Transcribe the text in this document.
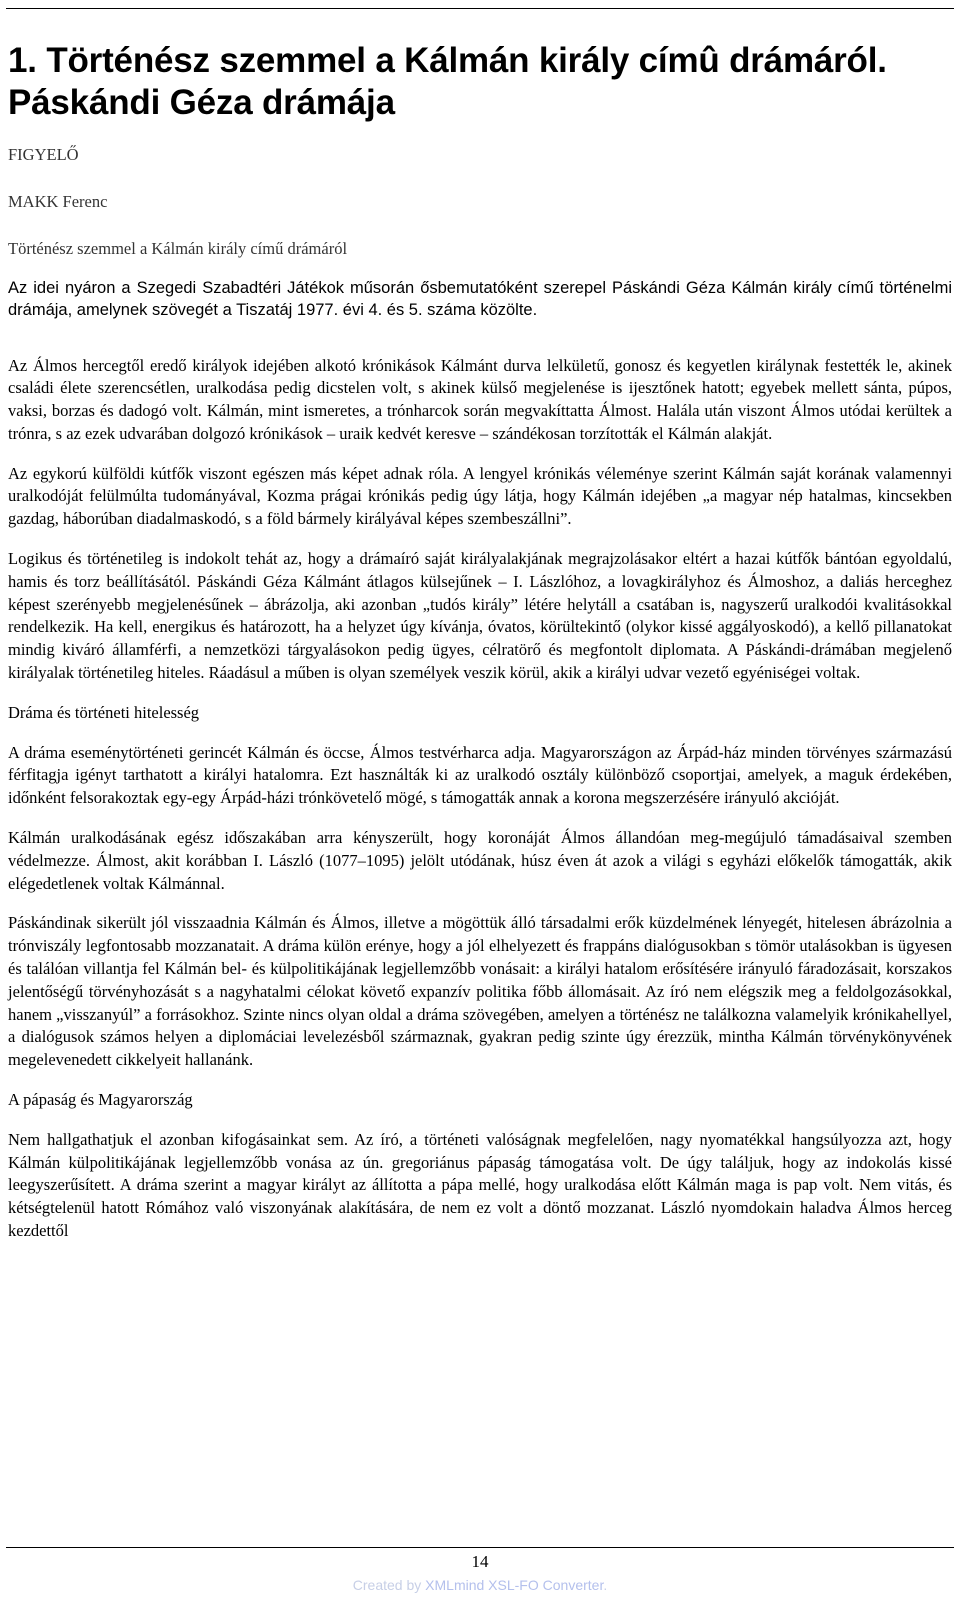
1. Történész szemmel a Kálmán király címû drámáról. Páskándi Géza drámája

FIGYELŐ

MAKK Ferenc

Történész szemmel a Kálmán király című drámáról

Az idei nyáron a Szegedi Szabadtéri Játékok műsorán ősbemutatóként szerepel Páskándi Géza Kálmán király című történelmi drámája, amelynek szövegét a Tiszatáj 1977. évi 4. és 5. száma közölte.

Az Álmos hercegtől eredő királyok idejében alkotó krónikások Kálmánt durva lelkületű, gonosz és kegyetlen királynak festették le, akinek családi élete szerencsétlen, uralkodása pedig dicstelen volt, s akinek külső megjelenése is ijesztőnek hatott; egyebek mellett sánta, púpos, vaksi, borzas és dadogó volt. Kálmán, mint ismeretes, a trónharcok során megvakíttatta Álmost. Halála után viszont Álmos utódai kerültek a trónra, s az ezek udvarában dolgozó krónikások – uraik kedvét keresve – szándékosan torzították el Kálmán alakját.

Az egykorú külföldi kútfők viszont egészen más képet adnak róla. A lengyel krónikás véleménye szerint Kálmán saját korának valamennyi uralkodóját felülmúlta tudományával, Kozma prágai krónikás pedig úgy látja, hogy Kálmán idejében „a magyar nép hatalmas, kincsekben gazdag, háborúban diadalmaskodó, s a föld bármely királyával képes szembeszállni”.

Logikus és történetileg is indokolt tehát az, hogy a drámaíró saját királyalakjának megrajzolásakor eltért a hazai kútfők bántóan egyoldalú, hamis és torz beállításától. Páskándi Géza Kálmánt átlagos külsejűnek – I. Lászlóhoz, a lovagkirályhoz és Álmoshoz, a daliás herceghez képest szerényebb megjelenésűnek – ábrázolja, aki azonban „tudós király” létére helytáll a csatában is, nagyszerű uralkodói kvalitásokkal rendelkezik. Ha kell, energikus és határozott, ha a helyzet úgy kívánja, óvatos, körültekintő (olykor kissé aggályoskodó), a kellő pillanatokat mindig kiváró államférfi, a nemzetközi tárgyalásokon pedig ügyes, célratörő és megfontolt diplomata. A Páskándi-drámában megjelenő királyalak történetileg hiteles. Ráadásul a műben is olyan személyek veszik körül, akik a királyi udvar vezető egyéniségei voltak.

Dráma és történeti hitelesség

A dráma eseménytörténeti gerincét Kálmán és öccse, Álmos testvérharca adja. Magyarországon az Árpád-ház minden törvényes származású férfitagja igényt tarthatott a királyi hatalomra. Ezt használták ki az uralkodó osztály különböző csoportjai, amelyek, a maguk érdekében, időnként felsorakoztak egy-egy Árpád-házi trónkövetelő mögé, s támogatták annak a korona megszerzésére irányuló akcióját.

Kálmán uralkodásának egész időszakában arra kényszerült, hogy koronáját Álmos állandóan meg-megújuló támadásaival szemben védelmezze. Álmost, akit korábban I. László (1077–1095) jelölt utódának, húsz éven át azok a világi s egyházi előkelők támogatták, akik elégedetlenek voltak Kálmánnal.

Páskándinak sikerült jól visszaadnia Kálmán és Álmos, illetve a mögöttük álló társadalmi erők küzdelmének lényegét, hitelesen ábrázolnia a trónviszály legfontosabb mozzanatait. A dráma külön erénye, hogy a jól elhelyezett és frappáns dialógusokban s tömör utalásokban is ügyesen és találóan villantja fel Kálmán bel- és külpolitikájának legjellemzőbb vonásait: a királyi hatalom erősítésére irányuló fáradozásait, korszakos jelentőségű törvényhozását s a nagyhatalmi célokat követő expanzív politika főbb állomásait. Az író nem elégszik meg a feldolgozásokkal, hanem „visszanyúl” a forrásokhoz. Szinte nincs olyan oldal a dráma szövegében, amelyen a történész ne találkozna valamelyik krónikahellyel, a dialógusok számos helyen a diplomáciai levelezésből származnak, gyakran pedig szinte úgy érezzük, mintha Kálmán törvénykönyvének megelevenedett cikkelyeit hallanánk.

A pápaság és Magyarország

Nem hallgathatjuk el azonban kifogásainkat sem. Az író, a történeti valóságnak megfelelően, nagy nyomatékkal hangsúlyozza azt, hogy Kálmán külpolitikájának legjellemzőbb vonása az ún. gregoriánus pápaság támogatása volt. De úgy találjuk, hogy az indokolás kissé leegyszerűsített. A dráma szerint a magyar királyt az állította a pápa mellé, hogy uralkodása előtt Kálmán maga is pap volt. Nem vitás, és kétségtelenül hatott Rómához való viszonyának alakítására, de nem ez volt a döntő mozzanat. László nyomdokain haladva Álmos herceg kezdettől

14
Created by XMLmind XSL-FO Converter.
